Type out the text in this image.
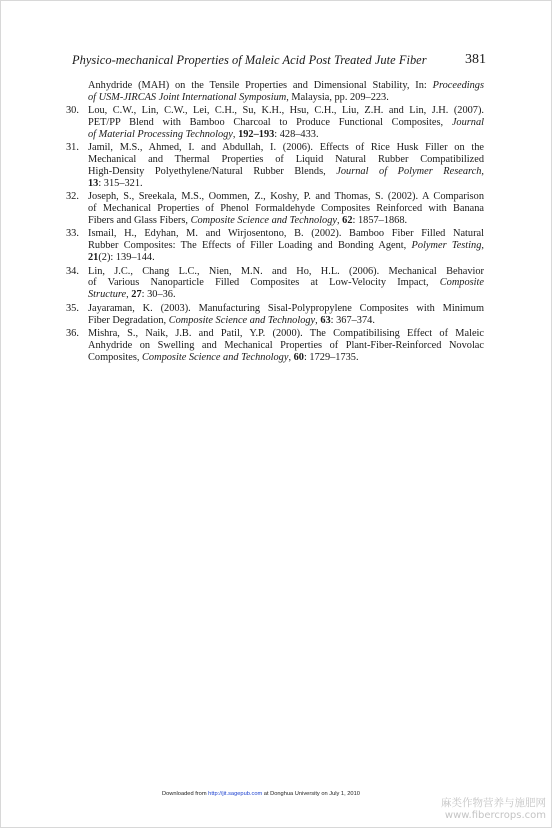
Physico-mechanical Properties of Maleic Acid Post Treated Jute Fiber	381
Anhydride (MAH) on the Tensile Properties and Dimensional Stability, In: Proceedings
of USM-JIRCAS Joint International Symposium, Malaysia, pp. 209–223.
30. Lou, C.W., Lin, C.W., Lei, C.H., Su, K.H., Hsu, C.H., Liu, Z.H. and Lin, J.H. (2007).
PET/PP Blend with Bamboo Charcoal to Produce Functional Composites, Journal
of Material Processing Technology, 192–193: 428–433.
31. Jamil, M.S., Ahmed, I. and Abdullah, I. (2006). Effects of Rice Husk Filler on the
Mechanical and Thermal Properties of Liquid Natural Rubber Compatibilized
High-Density Polyethylene/Natural Rubber Blends, Journal of Polymer Research,
13: 315–321.
32. Joseph, S., Sreekala, M.S., Oommen, Z., Koshy, P. and Thomas, S. (2002). A Comparison
of Mechanical Properties of Phenol Formaldehyde Composites Reinforced with Banana
Fibers and Glass Fibers, Composite Science and Technology, 62: 1857–1868.
33. Ismail, H., Edyhan, M. and Wirjosentono, B. (2002). Bamboo Fiber Filled Natural
Rubber Composites: The Effects of Filler Loading and Bonding Agent, Polymer Testing,
21(2): 139–144.
34. Lin, J.C., Chang L.C., Nien, M.N. and Ho, H.L. (2006). Mechanical Behavior
of Various Nanoparticle Filled Composites at Low-Velocity Impact, Composite
Structure, 27: 30–36.
35. Jayaraman, K. (2003). Manufacturing Sisal-Polypropylene Composites with Minimum
Fiber Degradation, Composite Science and Technology, 63: 367–374.
36. Mishra, S., Naik, J.B. and Patil, Y.P. (2000). The Compatibilising Effect of Maleic
Anhydride on Swelling and Mechanical Properties of Plant-Fiber-Reinforced Novolac
Composites, Composite Science and Technology, 60: 1729–1735.
Downloaded from http://jit.sagepub.com at Donghua University on July 1, 2010
麻类作物营养与施肥网
www.fibercrops.com
